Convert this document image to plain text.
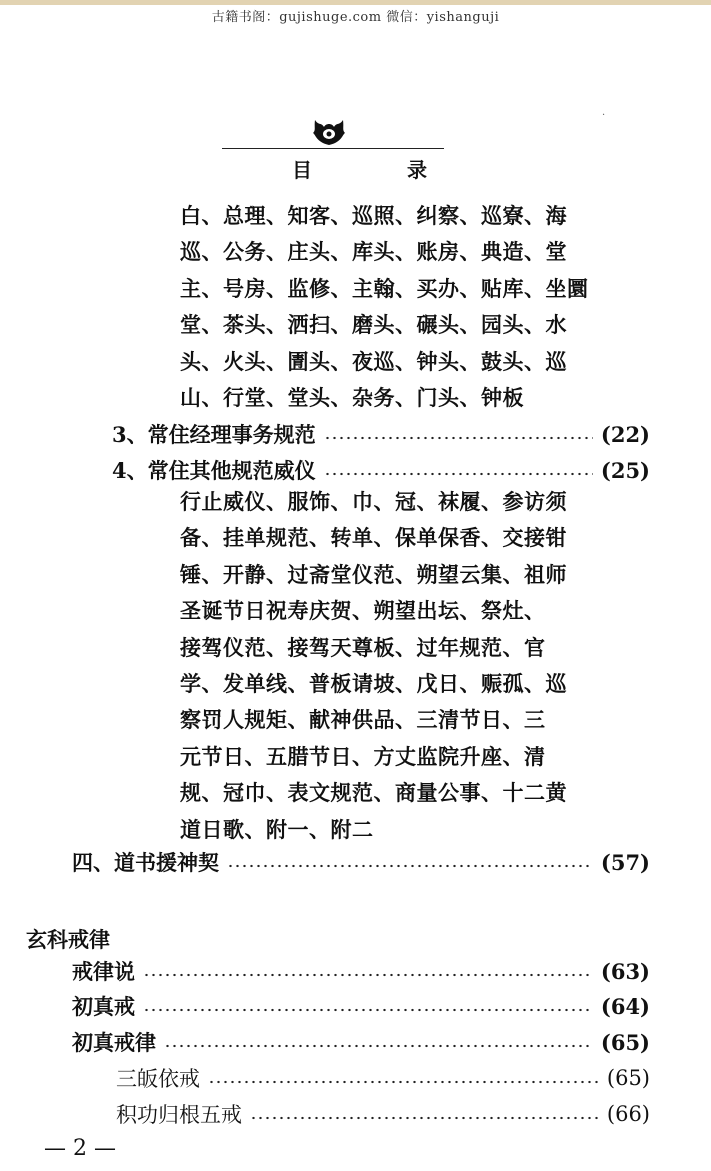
古籍书阁：gujishuge.com 微信：yishanguji
·
目 录
白、总理、知客、巡照、纠察、巡寮、海
巡、公务、庄头、库头、账房、典造、堂
主、号房、监修、主翰、买办、贴库、坐圜
堂、茶头、洒扫、磨头、碾头、园头、水
头、火头、圊头、夜巡、钟头、鼓头、巡
山、行堂、堂头、杂务、门头、钟板
3、常住经理事务规范	(22)
4、常住其他规范威仪	(25)
行止威仪、服饰、巾、冠、袜履、参访须
备、挂单规范、转单、保单保香、交接钳
锤、开静、过斋堂仪范、朔望云集、祖师
圣诞节日祝寿庆贺、朔望出坛、祭灶、
接驾仪范、接驾天尊板、过年规范、官
学、发单线、普板请坡、戊日、赈孤、巡
察罚人规矩、献神供品、三清节日、三
元节日、五腊节日、方丈监院升座、清
规、冠巾、表文规范、商量公事、十二黄
道日歌、附一、附二
四、道书援神契	(57)
玄科戒律
戒律说	(63)
初真戒	(64)
初真戒律	(65)
三皈依戒	(65)
积功归根五戒	(66)
— 2 —
